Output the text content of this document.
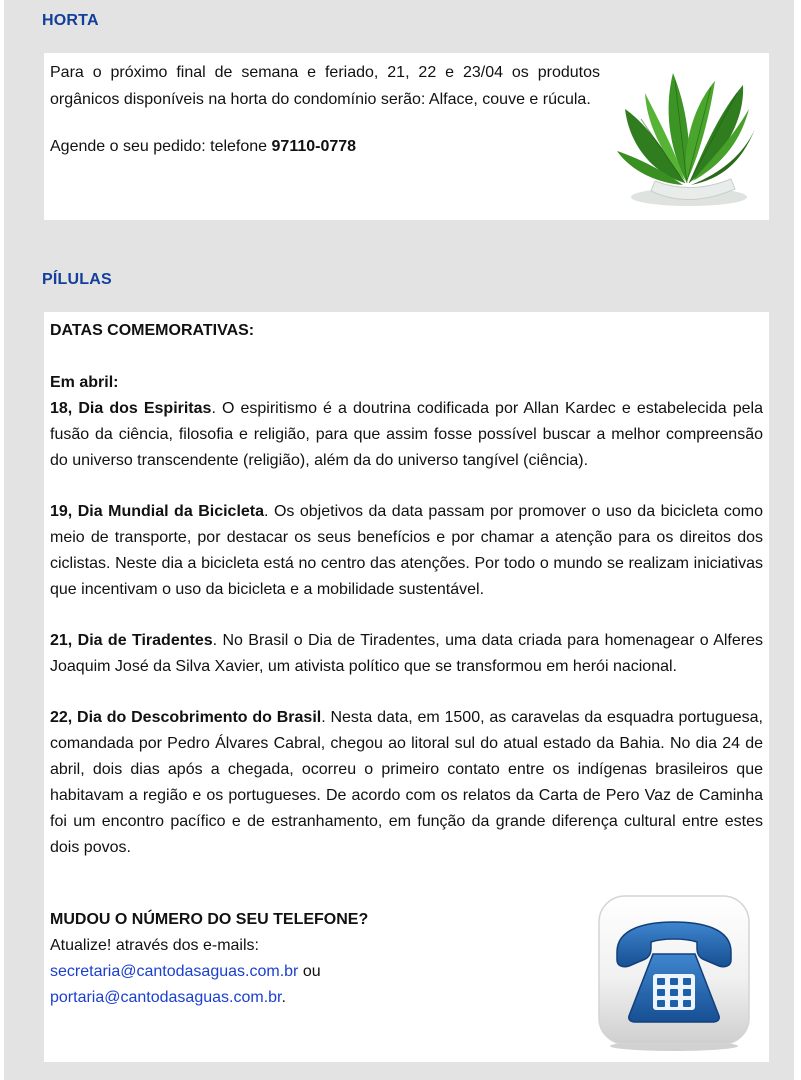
HORTA

Para o próximo final de semana e feriado, 21, 22 e 23/04 os produtos orgânicos disponíveis na horta do condomínio serão: Alface, couve e rúcula.

Agende o seu pedido: telefone 97110-0778

PÍLULAS
DATAS COMEMORATIVAS:
Em abril:
18, Dia dos Espiritas. O espiritismo é a doutrina codificada por Allan Kardec e estabelecida pela fusão da ciência, filosofia e religião, para que assim fosse possível buscar a melhor compreensão do universo transcendente (religião), além da do universo tangível (ciência).
19, Dia Mundial da Bicicleta. Os objetivos da data passam por promover o uso da bicicleta como meio de transporte, por destacar os seus benefícios e por chamar a atenção para os direitos dos ciclistas. Neste dia a bicicleta está no centro das atenções. Por todo o mundo se realizam iniciativas que incentivam o uso da bicicleta e a mobilidade sustentável.
21, Dia de Tiradentes. No Brasil o Dia de Tiradentes, uma data criada para homenagear o Alferes Joaquim José da Silva Xavier, um ativista político que se transformou em herói nacional.
22, Dia do Descobrimento do Brasil. Nesta data, em 1500, as caravelas da esquadra portuguesa, comandada por Pedro Álvares Cabral, chegou ao litoral sul do atual estado da Bahia. No dia 24 de abril, dois dias após a chegada, ocorreu o primeiro contato entre os indígenas brasileiros que habitavam a região e os portugueses. De acordo com os relatos da Carta de Pero Vaz de Caminha foi um encontro pacífico e de estranhamento, em função da grande diferença cultural entre estes dois povos.
MUDOU O NÚMERO DO SEU TELEFONE?
Atualize! através dos e-mails:
secretaria@cantodasaguas.com.br ou
portaria@cantodasaguas.com.br.
